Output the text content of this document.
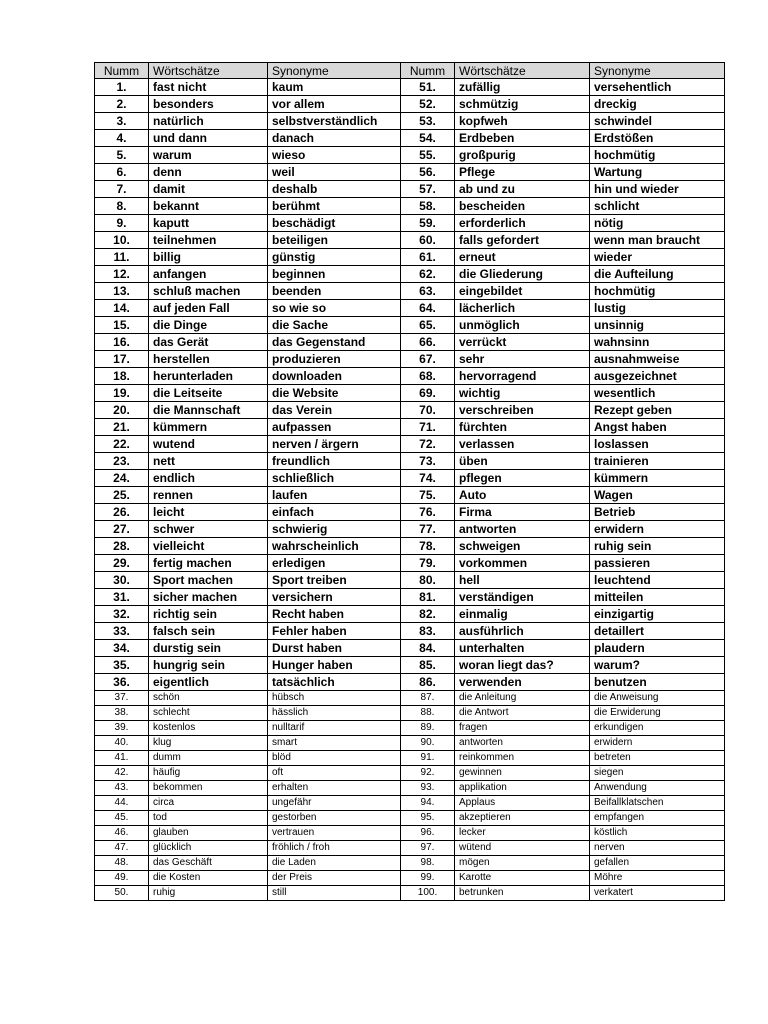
Numm	Wörtschätze	Synonyme	Numm	Wörtschätze	Synonyme
1.	fast nicht	kaum	51.	zufällig	versehentlich
2.	besonders	vor allem	52.	schmützig	dreckig
3.	natürlich	selbstverständlich	53.	kopfweh	schwindel
4.	und dann	danach	54.	Erdbeben	Erdstößen
5.	warum	wieso	55.	großpurig	hochmütig
6.	denn	weil	56.	Pflege	Wartung
7.	damit	deshalb	57.	ab und zu	hin und wieder
8.	bekannt	berühmt	58.	bescheiden	schlicht
9.	kaputt	beschädigt	59.	erforderlich	nötig
10.	teilnehmen	beteiligen	60.	falls gefordert	wenn man braucht
11.	billig	günstig	61.	erneut	wieder
12.	anfangen	beginnen	62.	die Gliederung	die Aufteilung
13.	schluß machen	beenden	63.	eingebildet	hochmütig
14.	auf jeden Fall	so wie so	64.	lächerlich	lustig
15.	die Dinge	die Sache	65.	unmöglich	unsinnig
16.	das Gerät	das Gegenstand	66.	verrückt	wahnsinn
17.	herstellen	produzieren	67.	sehr	ausnahmweise
18.	herunterladen	downloaden	68.	hervorragend	ausgezeichnet
19.	die Leitseite	die Website	69.	wichtig	wesentlich
20.	die Mannschaft	das Verein	70.	verschreiben	Rezept geben
21.	kümmern	aufpassen	71.	fürchten	Angst haben
22.	wutend	nerven / ärgern	72.	verlassen	loslassen
23.	nett	freundlich	73.	üben	trainieren
24.	endlich	schließlich	74.	pflegen	kümmern
25.	rennen	laufen	75.	Auto	Wagen
26.	leicht	einfach	76.	Firma	Betrieb
27.	schwer	schwierig	77.	antworten	erwidern
28.	vielleicht	wahrscheinlich	78.	schweigen	ruhig sein
29.	fertig machen	erledigen	79.	vorkommen	passieren
30.	Sport machen	Sport treiben	80.	hell	leuchtend
31.	sicher machen	versichern	81.	verständigen	mitteilen
32.	richtig sein	Recht haben	82.	einmalig	einzigartig
33.	falsch sein	Fehler haben	83.	ausführlich	detaillert
34.	durstig sein	Durst haben	84.	unterhalten	plaudern
35.	hungrig sein	Hunger haben	85.	woran liegt das?	warum?
36.	eigentlich	tatsächlich	86.	verwenden	benutzen
37.	schön	hübsch	87.	die Anleitung	die Anweisung
38.	schlecht	hässlich	88.	die Antwort	die Erwiderung
39.	kostenlos	nulltarif	89.	fragen	erkundigen
40.	klug	smart	90.	antworten	erwidern
41.	dumm	blöd	91.	reinkommen	betreten
42.	häufig	oft	92.	gewinnen	siegen
43.	bekommen	erhalten	93.	applikation	Anwendung
44.	circa	ungefähr	94.	Applaus	Beifallklatschen
45.	tod	gestorben	95.	akzeptieren	empfangen
46.	glauben	vertrauen	96.	lecker	köstlich
47.	glücklich	fröhlich / froh	97.	wütend	nerven
48.	das Geschäft	die Laden	98.	mögen	gefallen
49.	die Kosten	der Preis	99.	Karotte	Möhre
50.	ruhig	still	100.	betrunken	verkatert
